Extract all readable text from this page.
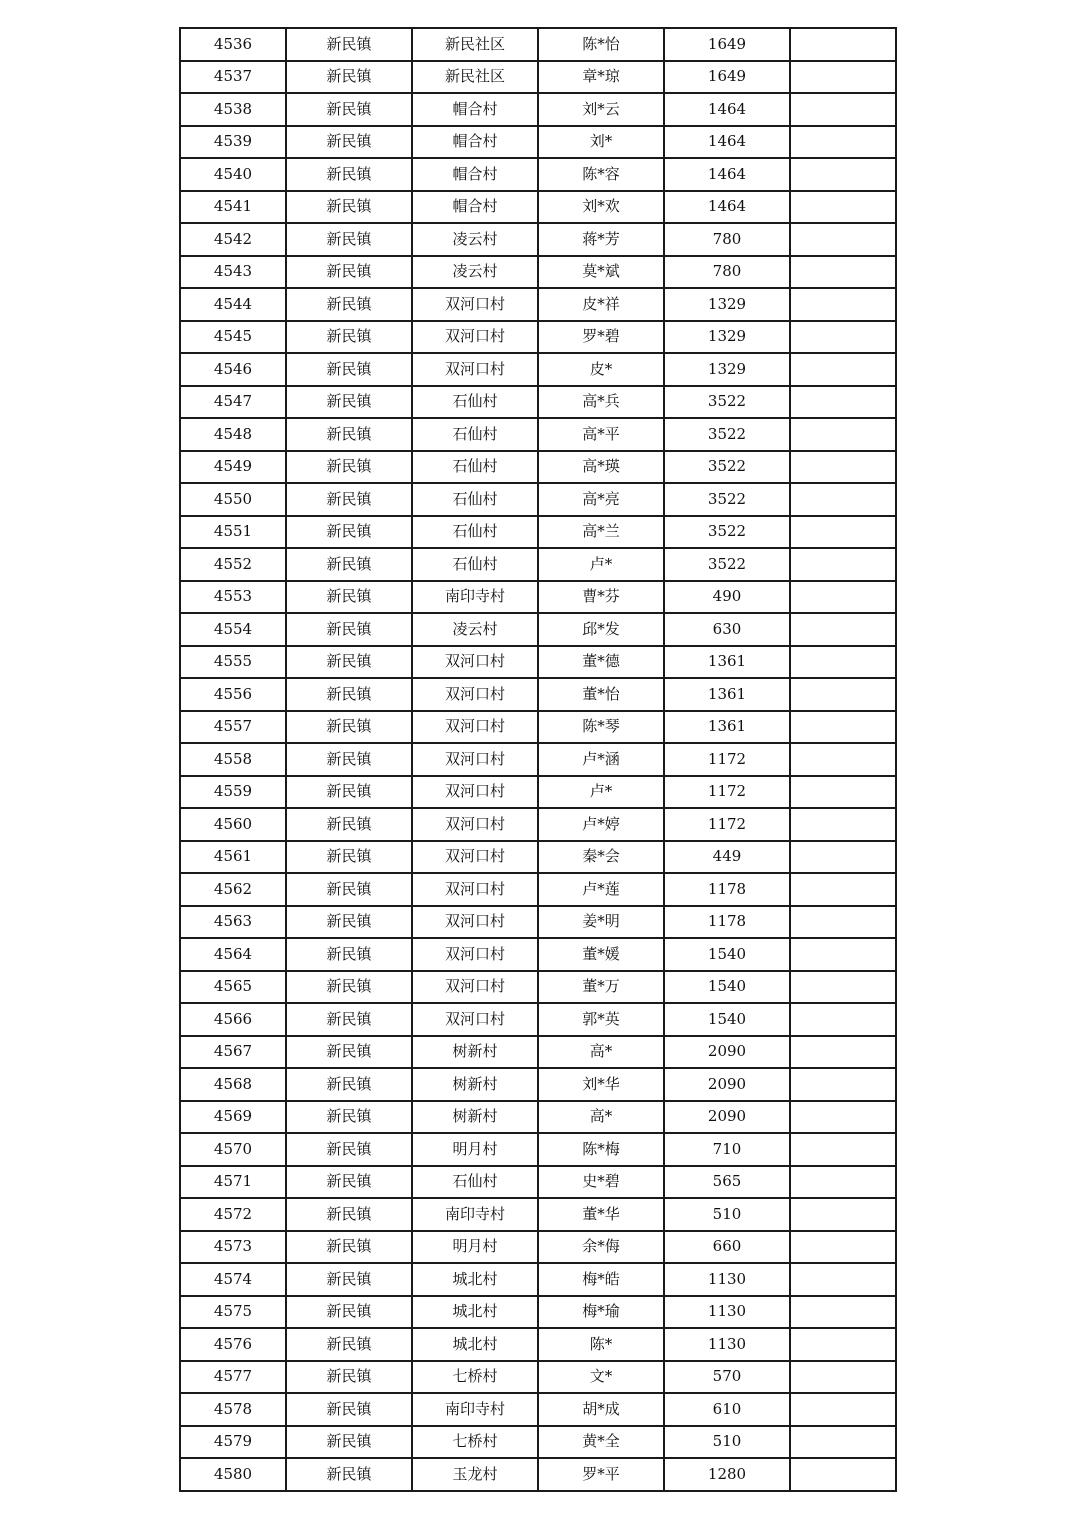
4536	新民镇	新民社区	陈*怡	1649	
4537	新民镇	新民社区	章*琼	1649	
4538	新民镇	帽合村	刘*云	1464	
4539	新民镇	帽合村	刘*	1464	
4540	新民镇	帽合村	陈*容	1464	
4541	新民镇	帽合村	刘*欢	1464	
4542	新民镇	凌云村	蒋*芳	780	
4543	新民镇	凌云村	莫*斌	780	
4544	新民镇	双河口村	皮*祥	1329	
4545	新民镇	双河口村	罗*碧	1329	
4546	新民镇	双河口村	皮*	1329	
4547	新民镇	石仙村	高*兵	3522	
4548	新民镇	石仙村	高*平	3522	
4549	新民镇	石仙村	高*瑛	3522	
4550	新民镇	石仙村	高*亮	3522	
4551	新民镇	石仙村	高*兰	3522	
4552	新民镇	石仙村	卢*	3522	
4553	新民镇	南印寺村	曹*芬	490	
4554	新民镇	凌云村	邱*发	630	
4555	新民镇	双河口村	董*德	1361	
4556	新民镇	双河口村	董*怡	1361	
4557	新民镇	双河口村	陈*琴	1361	
4558	新民镇	双河口村	卢*涵	1172	
4559	新民镇	双河口村	卢*	1172	
4560	新民镇	双河口村	卢*婷	1172	
4561	新民镇	双河口村	秦*会	449	
4562	新民镇	双河口村	卢*莲	1178	
4563	新民镇	双河口村	姜*明	1178	
4564	新民镇	双河口村	董*媛	1540	
4565	新民镇	双河口村	董*万	1540	
4566	新民镇	双河口村	郭*英	1540	
4567	新民镇	树新村	高*	2090	
4568	新民镇	树新村	刘*华	2090	
4569	新民镇	树新村	高*	2090	
4570	新民镇	明月村	陈*梅	710	
4571	新民镇	石仙村	史*碧	565	
4572	新民镇	南印寺村	董*华	510	
4573	新民镇	明月村	余*侮	660	
4574	新民镇	城北村	梅*皓	1130	
4575	新民镇	城北村	梅*瑜	1130	
4576	新民镇	城北村	陈*	1130	
4577	新民镇	七桥村	文*	570	
4578	新民镇	南印寺村	胡*成	610	
4579	新民镇	七桥村	黄*全	510	
4580	新民镇	玉龙村	罗*平	1280	
